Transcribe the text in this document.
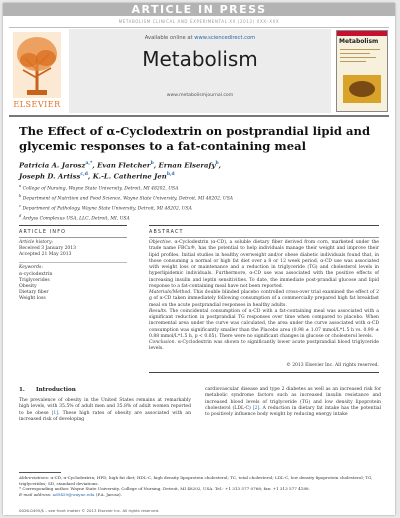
ARTICLE IN PRESS
METABOLISM CLINICAL AND EXPERIMENTAL XX (2013) XXX–XXX
ELSEVIER
Available online at www.sciencedirect.com
Metabolism
www.metabolismjournal.com
Metabolism
The Effect of α-Cyclodextrin on postprandial lipid and glycemic responses to a fat-containing meal
Patricia A. Jarosz$^{a,*}$, Evan Fletcher$^b$, Ernan Elserafy$^b$,
Joseph D. Artiss$^{c,d}$, K.-L. Catherine Jen$^{b,d}$
$^a$ College of Nursing, Wayne State University, Detroit, MI 48202, USA
$^b$ Department of Nutrition and Food Science, Wayne State University, Detroit, MI 48202, USA
$^c$ Department of Pathology, Wayne State University, Detroit, MI 48202, USA
$^d$ Ardyss Complexus USA, LLC, Detroit, MI, USA
ARTICLE INFO	ABSTRACT
Article history:
Received 3 January 2013
Accepted 21 May 2013
Keywords:
α-cyclodextrin
Triglycerides
Obesity
Dietary fiber
Weight loss
Objective. α-Cyclodextrin (α-CD), a soluble dietary fiber derived from corn, marketed under the trade name FBCx®, has the potential to help individuals manage their weight and improve their lipid profiles. Initial studies in healthy overweight and/or obese diabetic individuals found that, in those consuming a normal or high fat diet over a 8 or 12 week period, α-CD use was associated with weight loss or maintenance and a reduction in triglyceride (TG) and cholesterol levels in hyperlipidemic individuals. Furthermore, α-CD use was associated with the positive effects of increasing insulin and leptin sensitivities. To date, the immediate post-prandial glucose and lipid response to a fat-containing meal have not been reported.
Materials/Method. This double blinded placebo controlled cross-over trial examined the effect of 2 g of α-CD taken immediately following consumption of a commercially prepared high fat breakfast meal on the acute postprandial responses in healthy adults.
Results. The coincidental consumption of α-CD with a fat-containing meal was associated with a significant reduction in postprandial TG responses over time when compared to placebo. When incremental area under the curve was calculated, the area under the curve associated with α-CD consumption was significantly smaller than the Placebo area (0.98 ± 1.07 mmol/L*1.5 h vs. 0.99 ± 0.88 mmol/L*1.5 h, p < 0.05). There were no significant changes in glucose or cholesterol levels.
Conclusion. α-Cyclodextrin was shown to significantly lower acute postprandial blood triglyceride levels.
© 2013 Elsevier Inc. All rights reserved.
1. Introduction
The prevalence of obesity in the United States remains at remarkably high levels, with 35.5% of adult men and 35.8% of adult women reported to be obese [1]. These high rates of obesity are associated with an increased risk of developing
cardiovascular disease and type 2 diabetes as well as an increased risk for metabolic syndrome factors such as increased insulin resistance and increased blood levels of triglyceride (TG) and low density lipoprotein cholesterol (LDL-C) [2]. A reduction in dietary fat intake has the potential to positively influence body weight by reducing energy intake
Abbreviations: α-CD, α-Cyclodextrin; HFD, high fat diet; HDL-C, high density lipoprotein cholesterol; TC, total cholesterol; LDL-C, low density lipoprotein cholesterol; TG, triglycerides; SD, standard deviations.
* Corresponding author. Wayne State University, College of Nursing, Detroit, MI 48202, USA. Tel.: +1 313 577 0766; fax: +1 313 577 4188.
E-mail address: ad9459@wayne.edu (P.A. Jarosz).
0026-0495/$ – see front matter © 2013 Elsevier Inc. All rights reserved.
